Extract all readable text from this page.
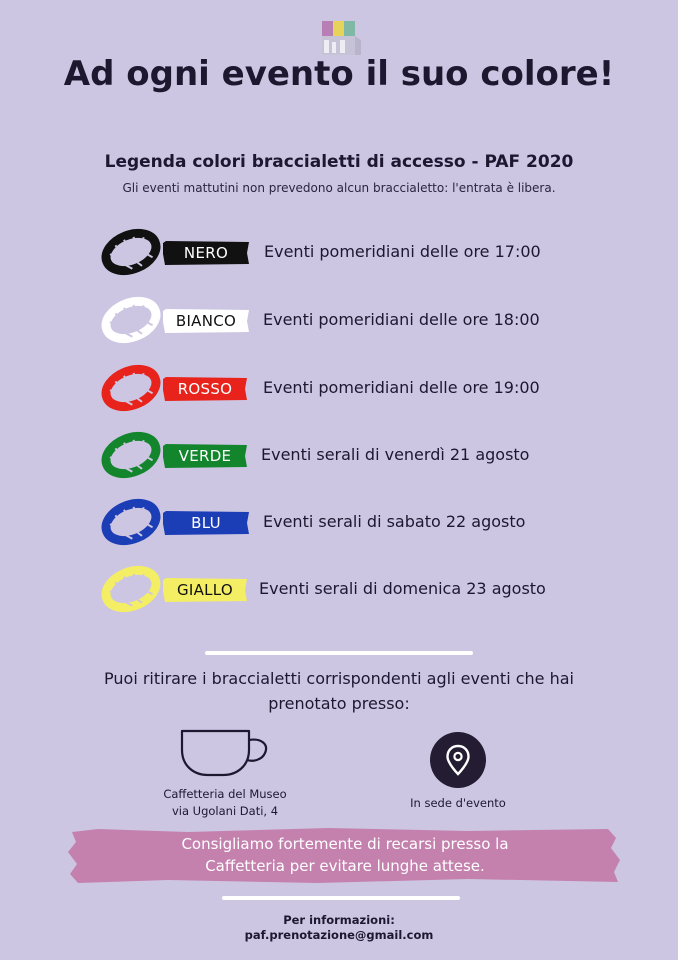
Ad ogni evento il suo colore!
Legenda colori braccialetti di accesso - PAF 2020
Gli eventi mattutini non prevedono alcun braccialetto: l'entrata è libera.
NERO	Eventi pomeridiani delle ore 17:00
BIANCO	Eventi pomeridiani delle ore 18:00
ROSSO	Eventi pomeridiani delle ore 19:00
VERDE	Eventi serali di venerdì 21 agosto
BLU	Eventi serali di sabato 22 agosto
GIALLO	Eventi serali di domenica 23 agosto
Puoi ritirare i braccialetti corrispondenti agli eventi che hai
prenotato presso:
Caffetteria del Museo
via Ugolani Dati, 4
In sede d'evento
Consigliamo fortemente di recarsi presso la
Caffetteria per evitare lunghe attese.
Per informazioni:
paf.prenotazione@gmail.com
